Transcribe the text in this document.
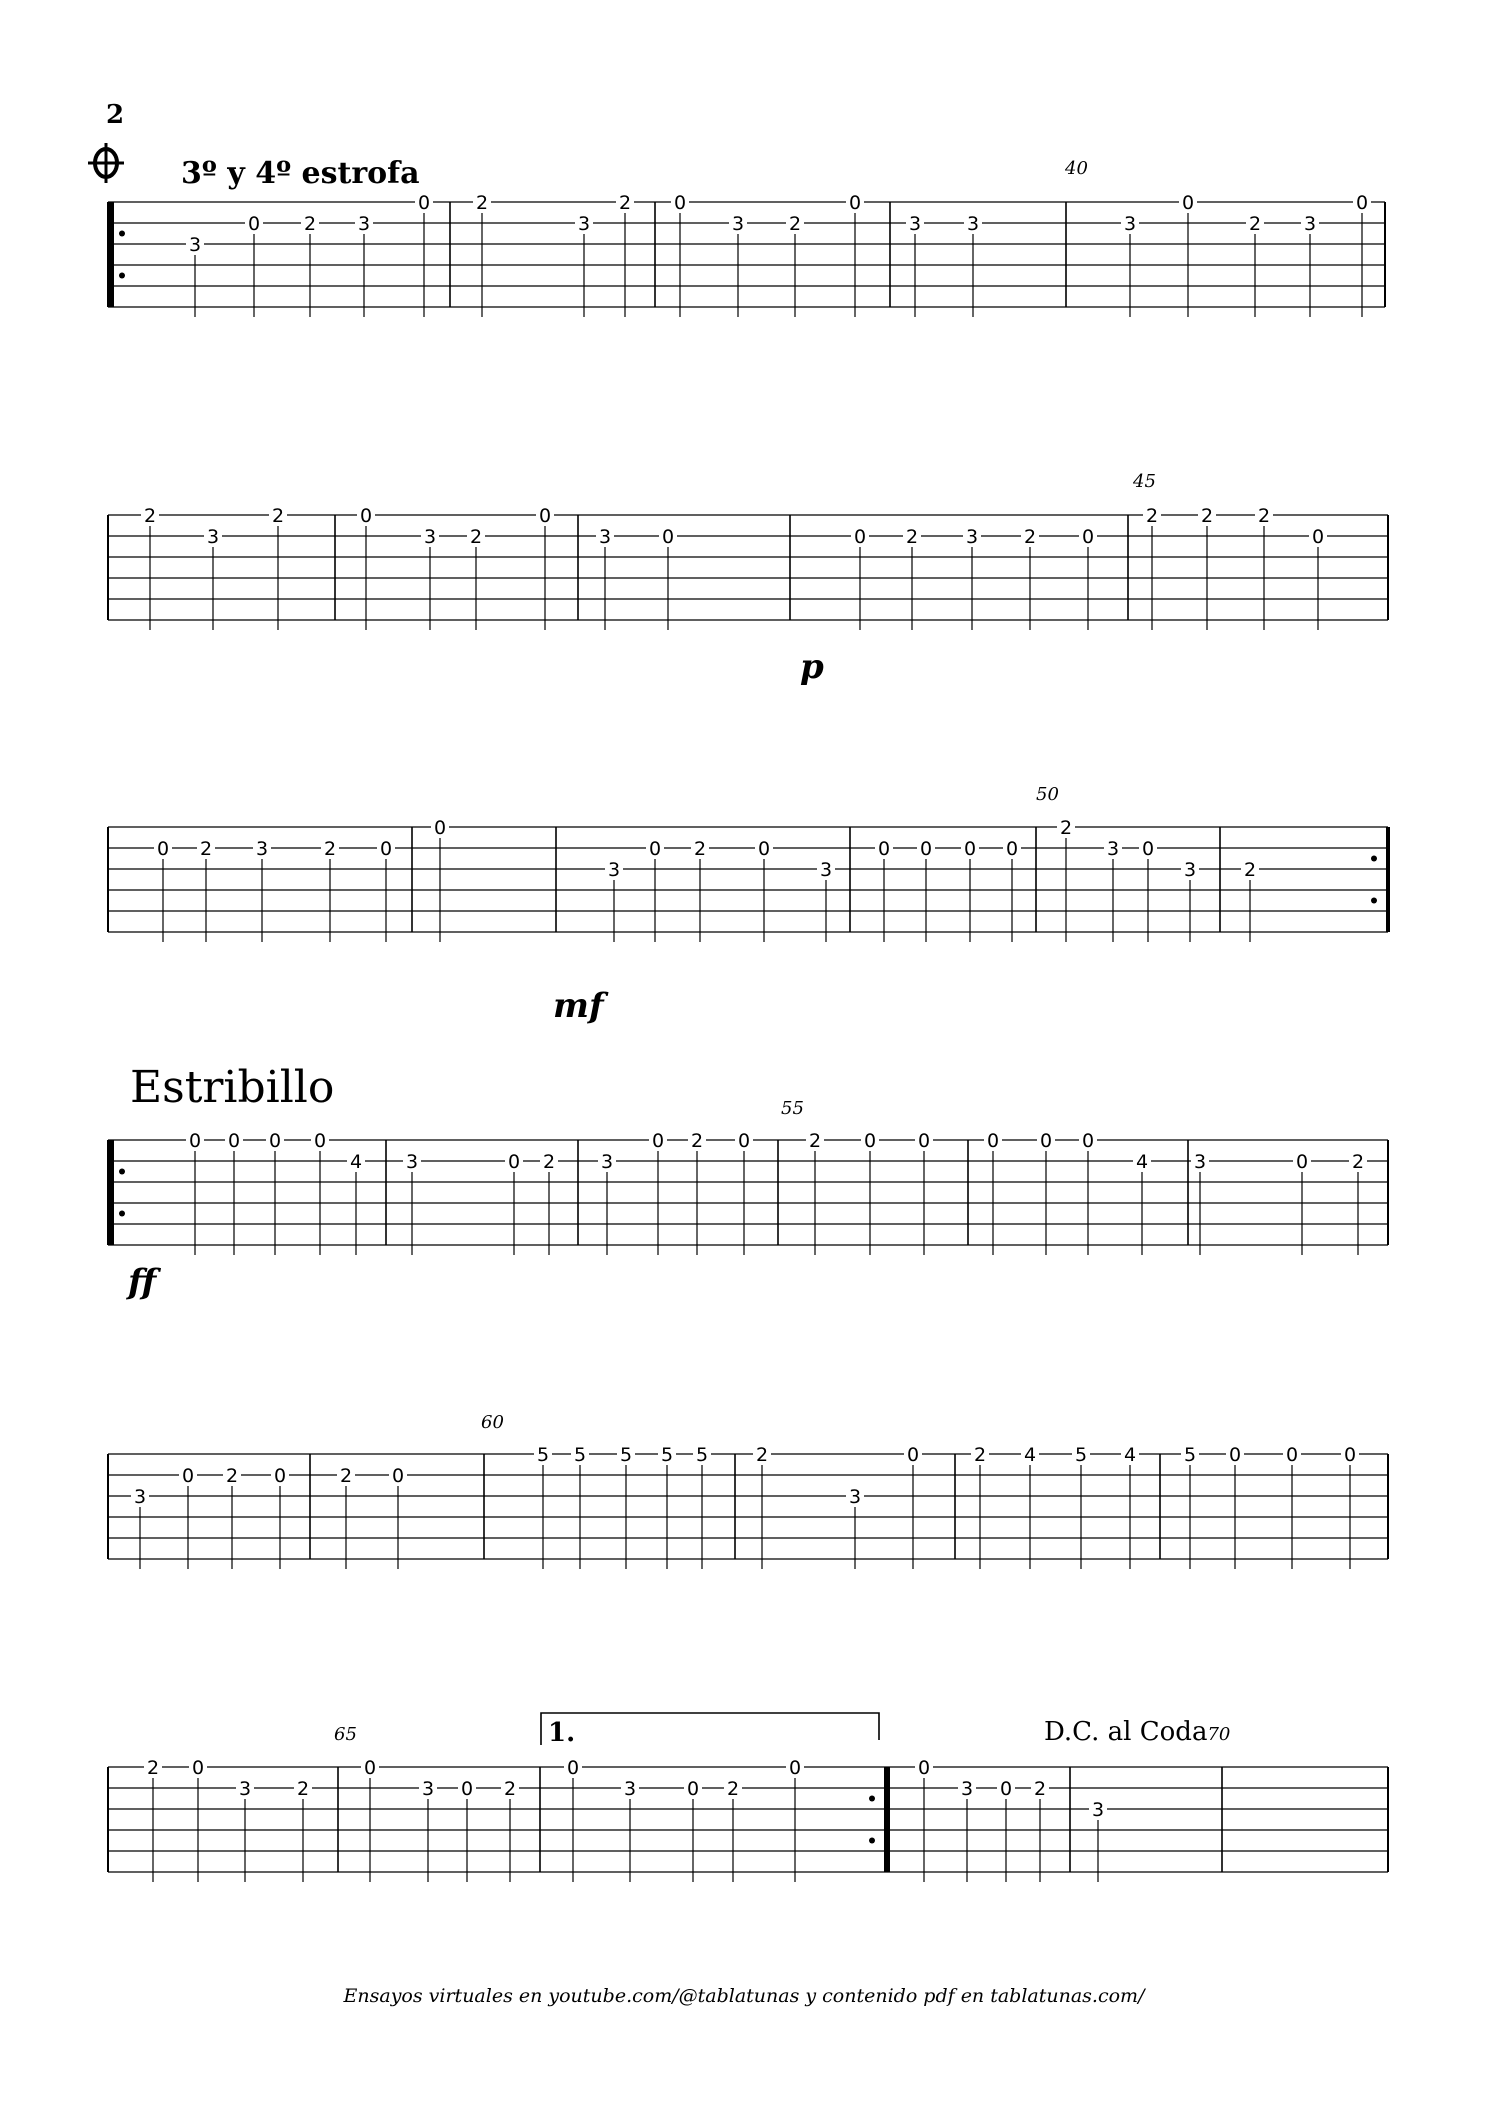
2
3º y 4º estrofa
Estribillo
40
45
50
55
60
65	D.C. al Coda70
1.
p
mf
ff
Ensayos virtuales en youtube.com/@tablatunas y contenido pdf en tablatunas.com/
3
0 2 3
0 2
3
2 0
3 2
0
3 3	3
0
2 3
0
2
3
2	0
3 2
0
3	0	0 2	3 2 0
2 2 2
0
0 2 3	2 0
0
3
0 2	0
3
0 0 0 0
2
3 0
3	2
0 0 0 0
4 3	0 2 3
0 2 0	2 0 0	0 0 0
4 3	0 2
3
0 2 0	2 0
5 5 5 5 5	2
3
0	2 4 5 4	5 0 0 0
2 0
3 2
0
3 0 2
0
3	0 2
0	0
3 0 2
3
